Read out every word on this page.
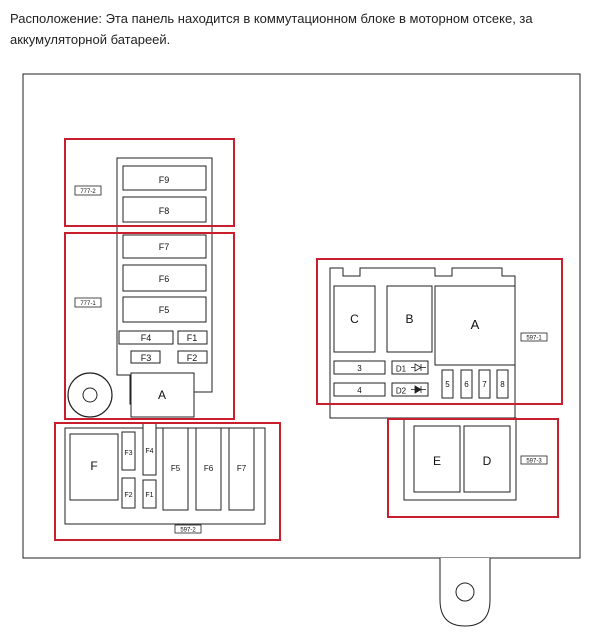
Расположение: Эта панель находится в коммутационном блоке в моторном отсеке, за аккумуляторной батареей.
F9
F8
F7
F6
F5
F4	F1
F3	F2
A
777-2
777-1
F
F3 F4
F2 F1
F5	F6	F7
597-2
C	B	A
3
4
D1
D2
5 6 7 8
597-1
E	D	597-3
